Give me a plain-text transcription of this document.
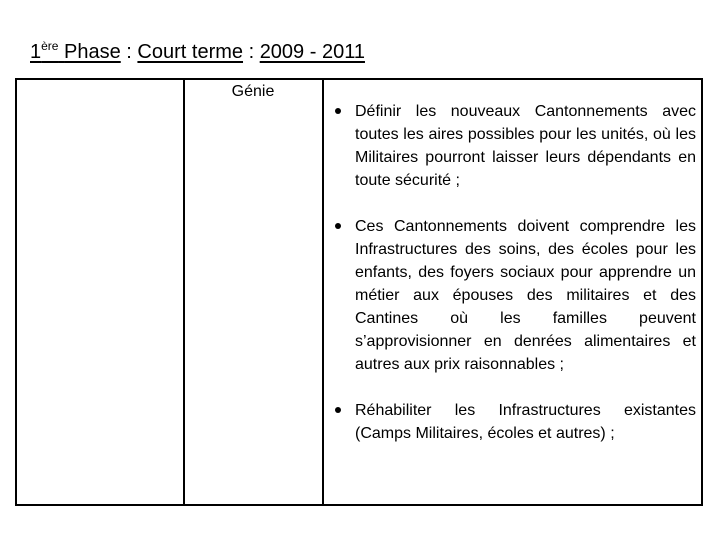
1ère Phase : Court terme : 2009 - 2011
Génie
Définir les nouveaux Cantonnements avec toutes les aires possibles pour les unités, où les Militaires pourront laisser leurs dépendants en toute sécurité ;
Ces Cantonnements doivent comprendre les Infrastructures des soins, des écoles pour les enfants, des foyers sociaux pour apprendre un métier aux épouses des militaires et des Cantines où les familles peuvent s’approvisionner en denrées alimentaires et autres aux prix raisonnables ;
Réhabiliter les Infrastructures existantes (Camps Militaires, écoles et autres) ;
